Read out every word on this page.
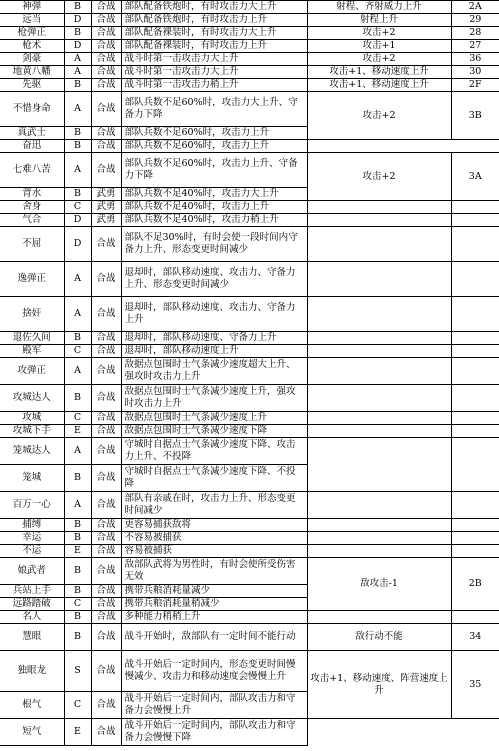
神弹	B	合战	部队配备铁炮时，有时攻击力大上升	射程、齐射威力上升	2A
远当	D	合战	部队配备铁炮时，有时攻击力上升	射程上升	29
枪弹正	B	合战	部队配备裸装时，有时攻击力大上升	攻击+2	28
枪术	D	合战	部队配备裸装时，有时攻击力上升	攻击+1	27
剑豪	A	合战	战斗时第一击攻击力大上升	攻击+2	36
地黄八幡	A	合战	战斗时第一击攻击力大上升	攻击+1、移动速度上升	30
先驱	B	合战	战斗时第一击攻击力稍上升	攻击+1、移动速度上升	2F
不惜身命	A	合战	部队兵数不足60%时，攻击力大上升、守备力下降	攻击+2	3B
真武士	B	合战	部队兵数不足60%时，攻击力上升		
奋迅	B	合战	部队兵数不足60%时，攻击力上升		
七难八苦	A	合战	部队兵数不足60%时，攻击力上升、守备力下降	攻击+2	3A
背水	B	武勇	部队兵数不足40%时，攻击力大上升		
舍身	C	武勇	部队兵数不足40%时，攻击力上升		
气合	D	武勇	部队兵数不足40%时，攻击力稍上升		
不屈	D	合战	部队不足30%时，有时会使一段时间内守备力上升、形态变更时间减少		
逸弹正	A	合战	退却时，部队移动速度、攻击力、守备力上升、形态变更时间减少		
捨奸	A	合战	退却时，部队移动速度、攻击力、守备力上升		
退佐久间	B	合战	退却时，部队移动速度、守备力上升		
殿军	C	合战	退却时，部队移动速度上升		
攻弹正	A	合战	敌据点包围时士气条减少速度超大上升、强攻时攻击力上升		
攻城达人	B	合战	敌据点包围时士气条减少速度上升，强攻时攻击力上升		
攻城	C	合战	敌据点包围时士气条减少速度上升		
攻城下手	E	合战	敌据点包围时士气条减少速度下降		
笼城达人	A	合战	守城时自据点士气条减少速度下降、攻击力上升、不投降		
笼城	B	合战	守城时自据点士气条减少速度下降、不投降		
百万一心	A	合战	部队有亲戚在时，攻击力上升、形态变更时间减少		
捕缚	B	合战	更容易捕获敌将		
幸运	B	合战	不容易被捕获		
不运	E	合战	容易被捕获		
娘武者	B	合战	敌部队武将为男性时，有时会使所受伤害无效	敌攻击-1	2B
兵站上手	B	合战	携带兵粮消耗量减少		
远路踏破	C	合战	携带兵粮消耗量稍减少		
名人	B	合战	多种能力稍稍上升		
慧眼	B	合战	战斗开始时，敌部队有一定时间不能行动	敌行动不能	34
独眼龙	S	合战	战斗开始后一定时间内，形态变更时间慢慢减少、攻击力和移动速度会慢慢上升	攻击+1、移动速度、阵营速度上升	35
根气	C	合战	战斗开始后一定时间内，部队攻击力和守备力会慢慢上升		
短气	E	合战	战斗开始后一定时间内，部队攻击力和守备力会慢慢下降		
